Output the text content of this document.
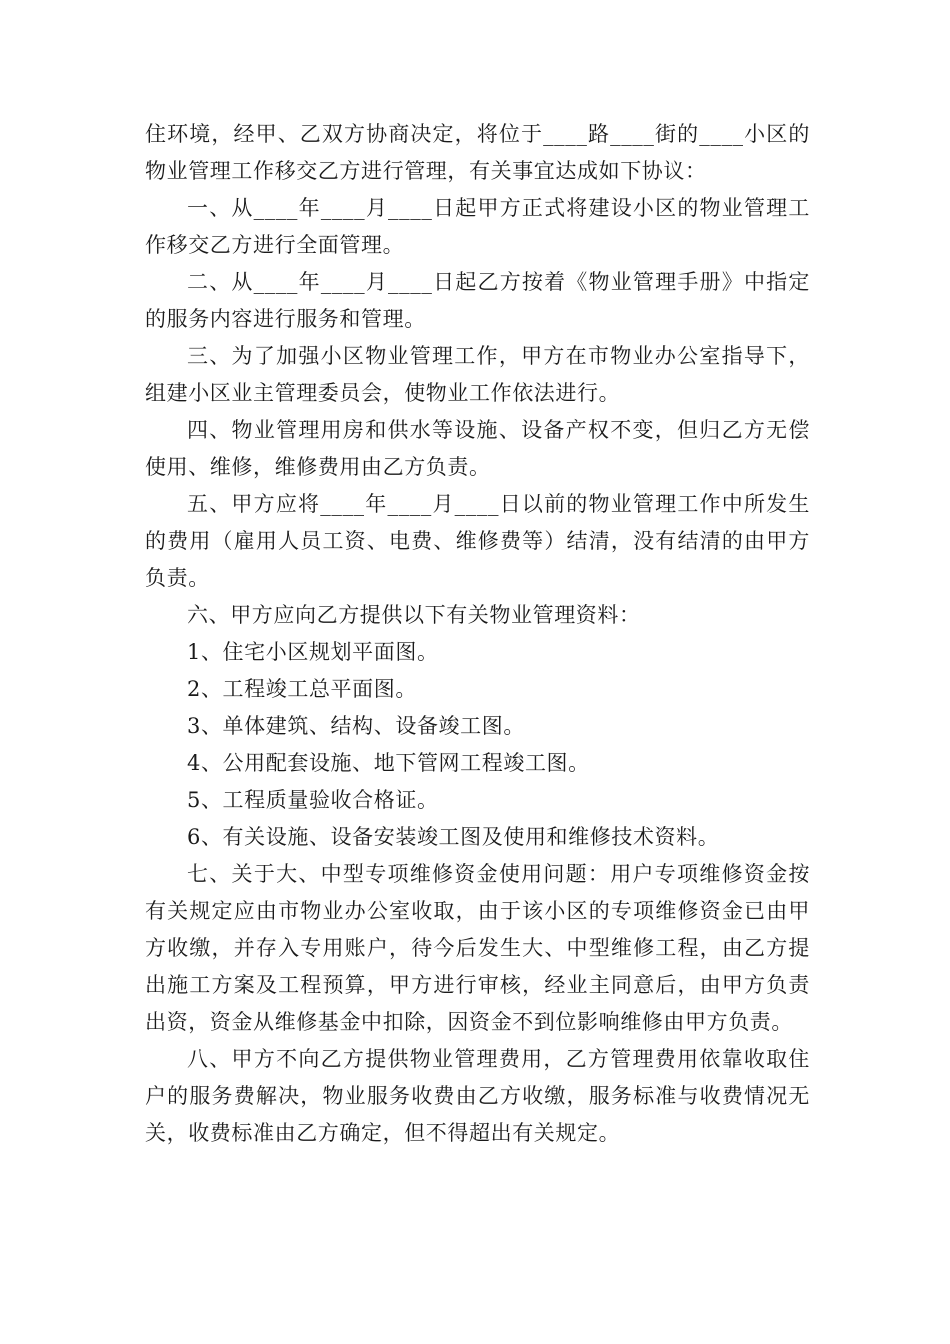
住环境，经甲、乙双方协商决定，将位于____路____街的____小区的物业管理工作移交乙方进行管理，有关事宜达成如下协议：

一、从____年____月____日起甲方正式将建设小区的物业管理工作移交乙方进行全面管理。

二、从____年____月____日起乙方按着《物业管理手册》中指定的服务内容进行服务和管理。

三、为了加强小区物业管理工作，甲方在市物业办公室指导下，组建小区业主管理委员会，使物业工作依法进行。

四、物业管理用房和供水等设施、设备产权不变，但归乙方无偿使用、维修，维修费用由乙方负责。

五、甲方应将____年____月____日以前的物业管理工作中所发生的费用（雇用人员工资、电费、维修费等）结清，没有结清的由甲方负责。

六、甲方应向乙方提供以下有关物业管理资料：

1、住宅小区规划平面图。

2、工程竣工总平面图。

3、单体建筑、结构、设备竣工图。

4、公用配套设施、地下管网工程竣工图。

5、工程质量验收合格证。

6、有关设施、设备安装竣工图及使用和维修技术资料。

七、关于大、中型专项维修资金使用问题：用户专项维修资金按有关规定应由市物业办公室收取，由于该小区的专项维修资金已由甲方收缴，并存入专用账户，待今后发生大、中型维修工程，由乙方提出施工方案及工程预算，甲方进行审核，经业主同意后，由甲方负责出资，资金从维修基金中扣除，因资金不到位影响维修由甲方负责。

八、甲方不向乙方提供物业管理费用，乙方管理费用依靠收取住户的服务费解决，物业服务收费由乙方收缴，服务标准与收费情况无关，收费标准由乙方确定，但不得超出有关规定。
